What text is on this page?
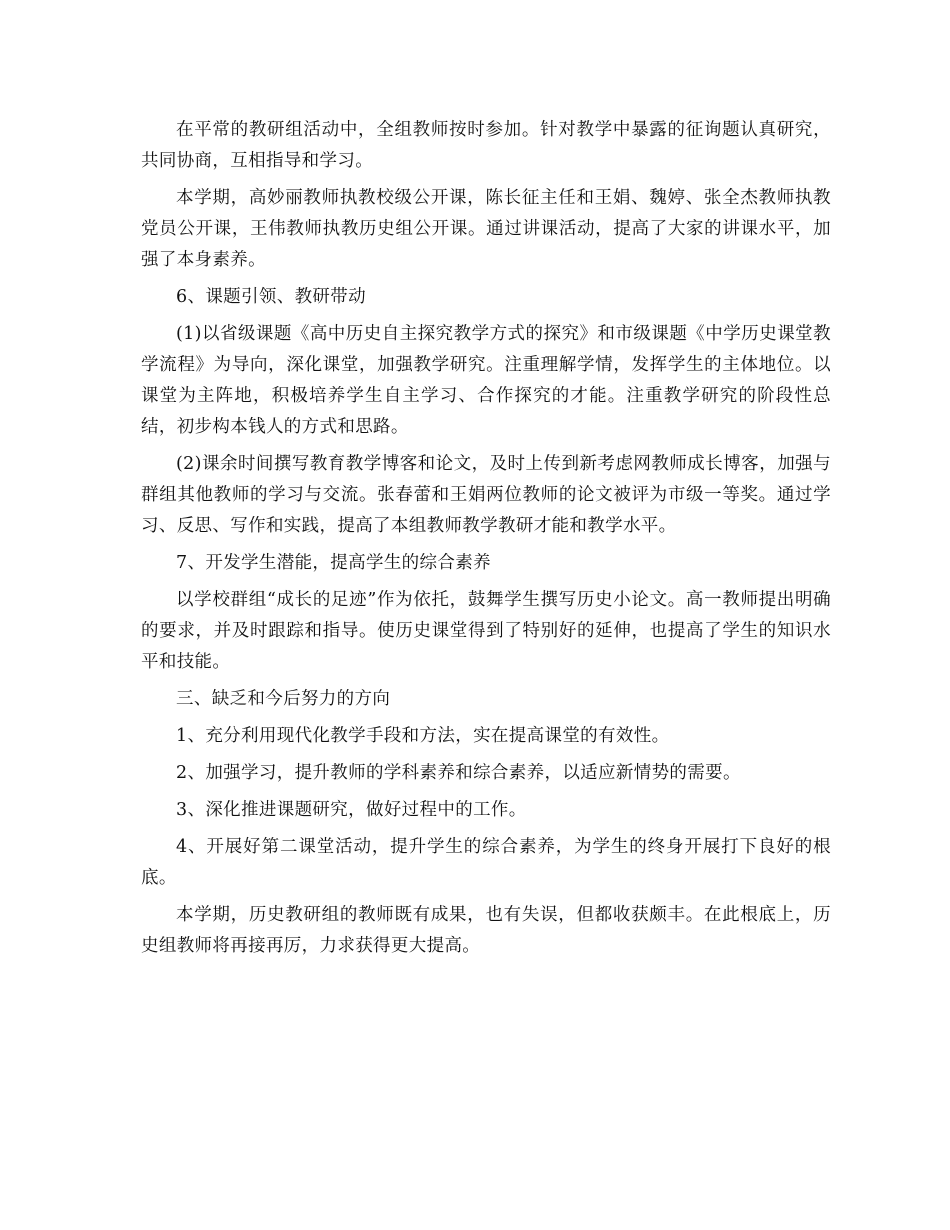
在平常的教研组活动中，全组教师按时参加。针对教学中暴露的征询题认真研究，共同协商，互相指导和学习。

本学期，高妙丽教师执教校级公开课，陈长征主任和王娟、魏婷、张全杰教师执教党员公开课，王伟教师执教历史组公开课。通过讲课活动，提高了大家的讲课水平，加强了本身素养。

6、课题引领、教研带动

(1)以省级课题《高中历史自主探究教学方式的探究》和市级课题《中学历史课堂教学流程》为导向，深化课堂，加强教学研究。注重理解学情，发挥学生的主体地位。以课堂为主阵地，积极培养学生自主学习、合作探究的才能。注重教学研究的阶段性总结，初步构本钱人的方式和思路。

(2)课余时间撰写教育教学博客和论文，及时上传到新考虑网教师成长博客，加强与群组其他教师的学习与交流。张春蕾和王娟两位教师的论文被评为市级一等奖。通过学习、反思、写作和实践，提高了本组教师教学教研才能和教学水平。

7、开发学生潜能，提高学生的综合素养

以学校群组“成长的足迹”作为依托，鼓舞学生撰写历史小论文。高一教师提出明确的要求，并及时跟踪和指导。使历史课堂得到了特别好的延伸，也提高了学生的知识水平和技能。

三、缺乏和今后努力的方向

1、充分利用现代化教学手段和方法，实在提高课堂的有效性。

2、加强学习，提升教师的学科素养和综合素养，以适应新情势的需要。

3、深化推进课题研究，做好过程中的工作。

4、开展好第二课堂活动，提升学生的综合素养，为学生的终身开展打下良好的根底。

本学期，历史教研组的教师既有成果，也有失误，但都收获颇丰。在此根底上，历史组教师将再接再厉，力求获得更大提高。
